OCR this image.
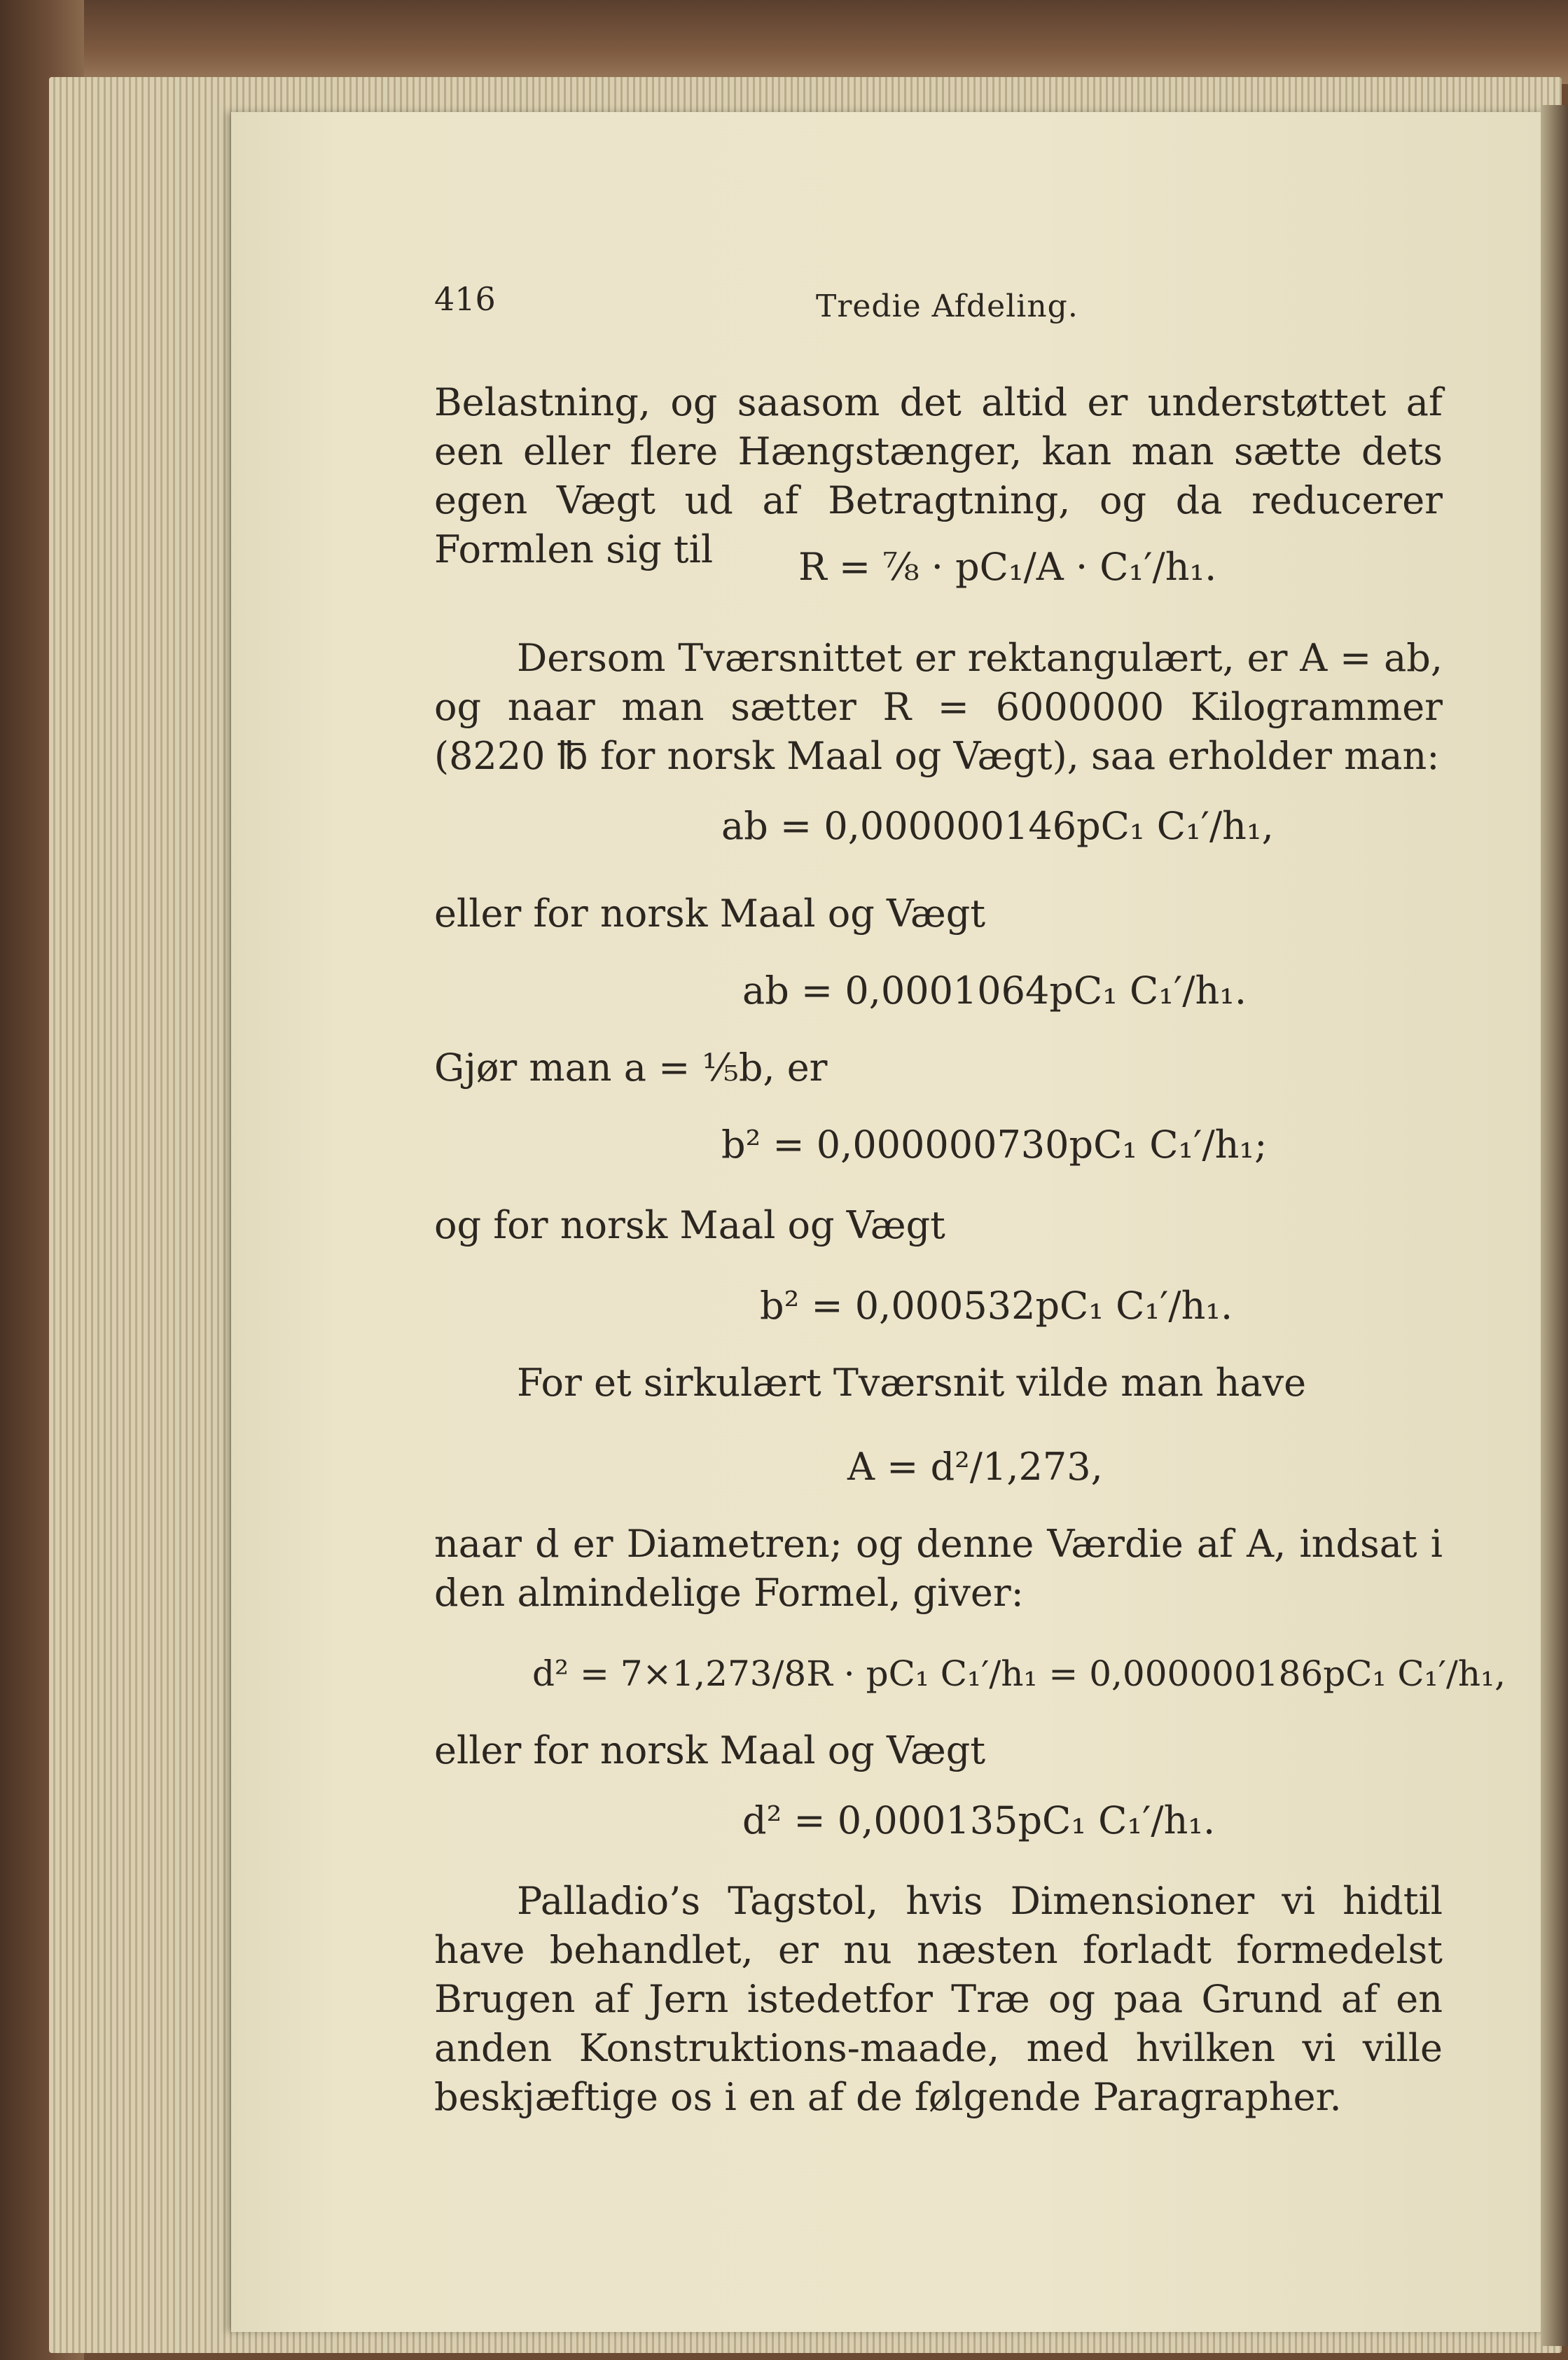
416	Tredie Afdeling.

Belastning, og saasom det altid er understøttet af een eller flere Hængstænger, kan man sætte dets egen Vægt ud af Betragtning, og da reducerer Formlen sig til	R = ⅞ · pC₁/A · C₁′/h₁.

Dersom Tværsnittet er rektangulært, er A = ab, og naar man sætter R = 6000000 Kilogrammer (8220 ℔ for norsk Maal og Vægt), saa erholder man:

ab = 0,000000146pC₁ C₁′/h₁,

eller for norsk Maal og Vægt

ab = 0,0001064pC₁ C₁′/h₁.

Gjør man a = ⅕b, er

b² = 0,000000730pC₁ C₁′/h₁;

og for norsk Maal og Vægt

b² = 0,000532pC₁ C₁′/h₁.

For et sirkulært Tværsnit vilde man have

A = d²/1,273,

naar d er Diametren; og denne Værdie af A, indsat i den almindelige Formel, giver:

d² = 7×1,273/8R · pC₁ C₁′/h₁ = 0,000000186pC₁ C₁′/h₁,

eller for norsk Maal og Vægt

d² = 0,000135pC₁ C₁′/h₁.

Palladio’s Tagstol, hvis Dimensioner vi hidtil have behandlet, er nu næsten forladt formedelst Brugen af Jern istedetfor Træ og paa Grund af en anden Konstruktions-maade, med hvilken vi ville beskjæftige os i en af de følgende Paragrapher.
